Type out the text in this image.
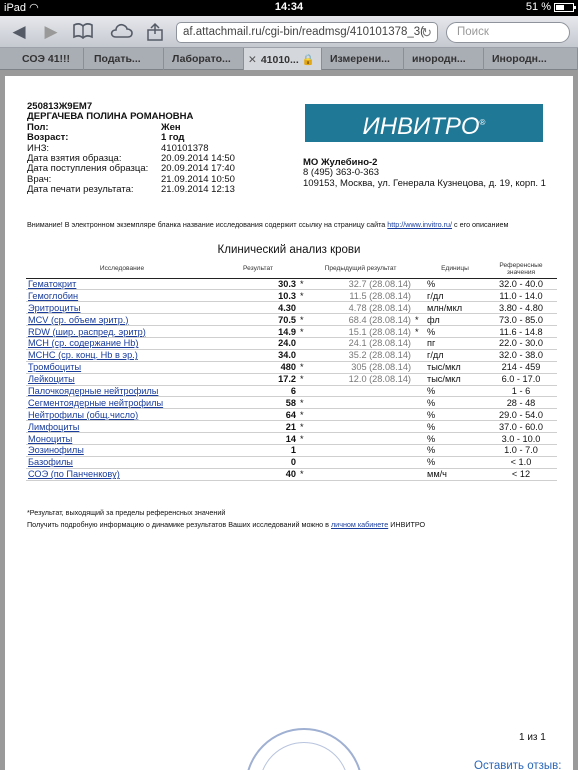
iPad ◠	14:34	51 %
◀ ▶	af.attachmail.ru/cgi-bin/readmsg/410101378_3(
↻	Поиск
СОЭ 41!!!	Подать...	Лаборато...	✕ 41010... 🔒	Измерени...	инородн...	Инородн...
250813Ж9ЕМ7
ДЕРГАЧЕВА ПОЛИНА РОМАНОВНА
Пол:	Жен
Возраст:	1 год
ИНЗ:	410101378
Дата взятия образца:	20.09.2014 14:50
Дата поступления образца: 20.09.2014 17:40
Врач:	21.09.2014 10:50
Дата печати результата:	21.09.2014 12:13
ИНВИТРО®
МО Жулебино-2
8 (495) 363-0-363
109153, Москва, ул. Генерала Кузнецова, д. 19, корп. 1
Внимание! В электронном экземпляре бланка название исследования содержит ссылку на страницу сайта http://www.invitro.ru/ с его описанием
Клинический анализ крови
Исследование	Результат		Предыдущий результат		Единицы	Референсные значения
Гематокрит	30.3	*	32.7 (28.08.14)		%	32.0 - 40.0
Гемоглобин	10.3	*	11.5 (28.08.14)		г/дл	11.0 - 14.0
Эритроциты	4.30		4.78 (28.08.14)		млн/мкл	3.80 - 4.80
MCV (ср. объем эритр.)	70.5	*	68.4 (28.08.14)	*	фл	73.0 - 85.0
RDW (шир. распред. эритр)	14.9	*	15.1 (28.08.14)	*	%	11.6 - 14.8
MCH (ср. содержание Hb)	24.0		24.1 (28.08.14)		пг	22.0 - 30.0
MCHC (ср. конц. Hb в эр.)	34.0		35.2 (28.08.14)		г/дл	32.0 - 38.0
Тромбоциты	480	*	305 (28.08.14)		тыс/мкл	214 - 459
Лейкоциты	17.2	*	12.0 (28.08.14)		тыс/мкл	6.0 - 17.0
Палочкоядерные нейтрофилы	6				%	1 - 6
Сегментоядерные нейтрофилы	58	*			%	28 - 48
Нейтрофилы (общ.число)	64	*			%	29.0 - 54.0
Лимфоциты	21	*			%	37.0 - 60.0
Моноциты	14	*			%	3.0 - 10.0
Эозинофилы	1				%	1.0 - 7.0
Базофилы	0				%	< 1.0
СОЭ (по Панченкову)	40	*			мм/ч	< 12
*Результат, выходящий за пределы референсных значений
Получить подробную информацию о динамике результатов Ваших исследований можно в личном кабинете ИНВИТРО
1 из 1
Оставить отзыв:
